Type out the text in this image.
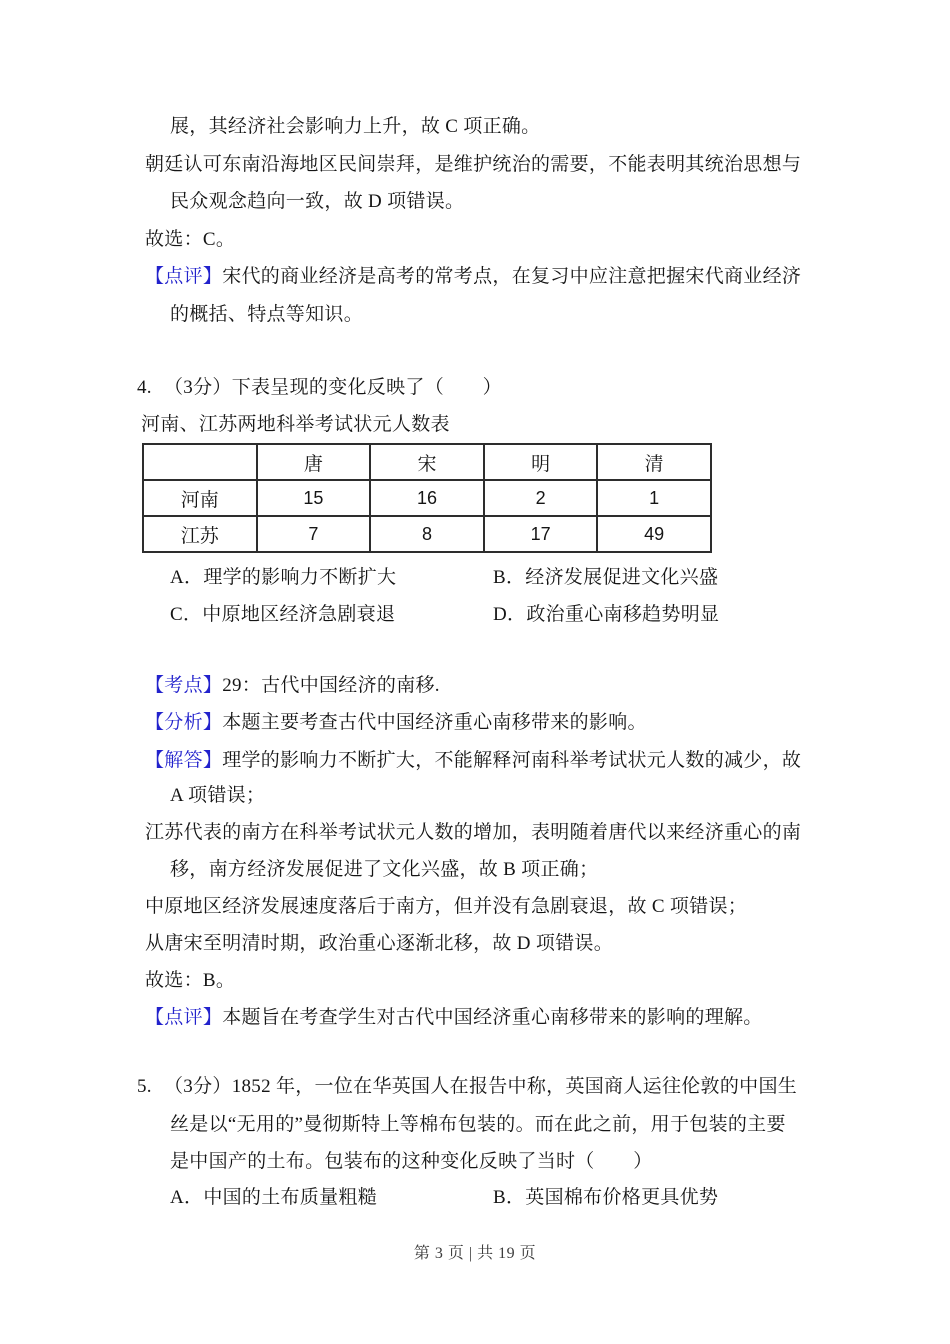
展，其经济社会影响力上升，故 C 项正确。
朝廷认可东南沿海地区民间崇拜，是维护统治的需要，不能表明其统治思想与
民众观念趋向一致，故 D 项错误。
故选：C。
【点评】宋代的商业经济是高考的常考点，在复习中应注意把握宋代商业经济
的概括、特点等知识。
4. （3分）下表呈现的变化反映了（　　）
河南、江苏两地科举考试状元人数表
	唐	宋	明	清
河南	15	16	2	1
江苏	7	8	17	49
A．理学的影响力不断扩大	B．经济发展促进文化兴盛
C．中原地区经济急剧衰退	D．政治重心南移趋势明显
【考点】29：古代中国经济的南移.
【分析】本题主要考查古代中国经济重心南移带来的影响。
【解答】理学的影响力不断扩大，不能解释河南科举考试状元人数的减少，故
A 项错误；
江苏代表的南方在科举考试状元人数的增加，表明随着唐代以来经济重心的南
移，南方经济发展促进了文化兴盛，故 B 项正确；
中原地区经济发展速度落后于南方，但并没有急剧衰退，故 C 项错误；
从唐宋至明清时期，政治重心逐渐北移，故 D 项错误。
故选：B。
【点评】本题旨在考查学生对古代中国经济重心南移带来的影响的理解。
5. （3分）1852 年，一位在华英国人在报告中称，英国商人运往伦敦的中国生
丝是以“无用的”曼彻斯特上等棉布包装的。而在此之前，用于包装的主要
是中国产的土布。包装布的这种变化反映了当时（　　）
A．中国的土布质量粗糙	B．英国棉布价格更具优势
第 3 页 | 共 19 页
